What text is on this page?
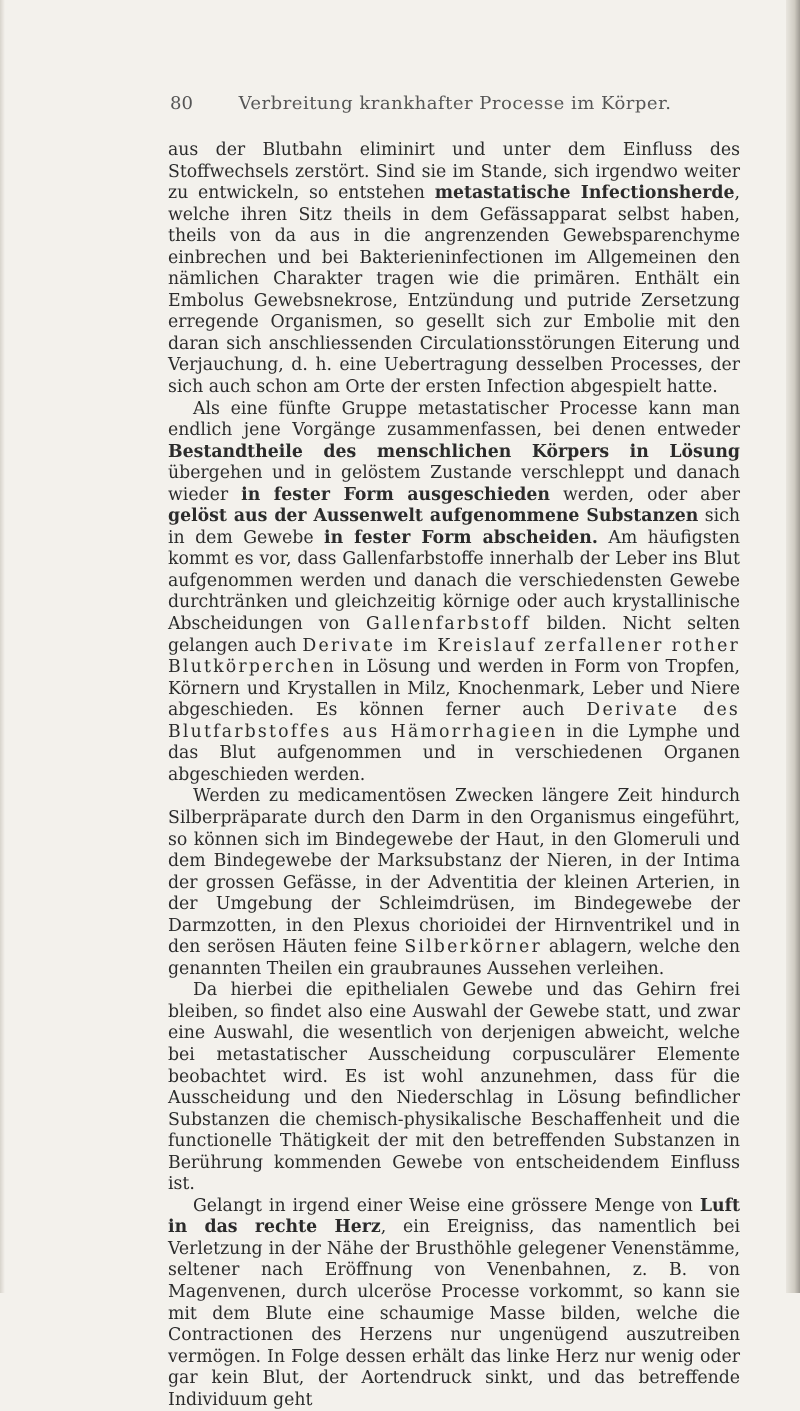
80	Verbreitung krankhafter Processe im Körper.

aus der Blutbahn eliminirt und unter dem Einfluss des Stoffwechsels zerstört. Sind sie im Stande, sich irgendwo weiter zu entwickeln, so entstehen metastatische Infectionsherde, welche ihren Sitz theils in dem Gefässapparat selbst haben, theils von da aus in die angrenzenden Gewebsparenchyme einbrechen und bei Bakterieninfectionen im Allgemeinen den nämlichen Charakter tragen wie die primären. Enthält ein Embolus Gewebsnekrose, Entzündung und putride Zersetzung erregende Organismen, so gesellt sich zur Embolie mit den daran sich anschliessenden Circulationsstörungen Eiterung und Verjauchung, d. h. eine Uebertragung desselben Processes, der sich auch schon am Orte der ersten Infection abgespielt hatte.

Als eine fünfte Gruppe metastatischer Processe kann man endlich jene Vorgänge zusammenfassen, bei denen entweder Bestandtheile des menschlichen Körpers in Lösung übergehen und in gelöstem Zustande verschleppt und danach wieder in fester Form ausgeschieden werden, oder aber gelöst aus der Aussenwelt aufgenommene Substanzen sich in dem Gewebe in fester Form abscheiden. Am häufigsten kommt es vor, dass Gallenfarbstoffe innerhalb der Leber ins Blut aufgenommen werden und danach die verschiedensten Gewebe durchtränken und gleichzeitig körnige oder auch krystallinische Abscheidungen von Gallenfarbstoff bilden. Nicht selten gelangen auch Derivate im Kreislauf zerfallener rother Blutkörperchen in Lösung und werden in Form von Tropfen, Körnern und Krystallen in Milz, Knochenmark, Leber und Niere abgeschieden. Es können ferner auch Derivate des Blutfarbstoffes aus Hämorrhagieen in die Lymphe und das Blut aufgenommen und in verschiedenen Organen abgeschieden werden.

Werden zu medicamentösen Zwecken längere Zeit hindurch Silberpräparate durch den Darm in den Organismus eingeführt, so können sich im Bindegewebe der Haut, in den Glomeruli und dem Bindegewebe der Marksubstanz der Nieren, in der Intima der grossen Gefässe, in der Adventitia der kleinen Arterien, in der Umgebung der Schleimdrüsen, im Bindegewebe der Darmzotten, in den Plexus chorioidei der Hirnventrikel und in den serösen Häuten feine Silberkörner ablagern, welche den genannten Theilen ein graubraunes Aussehen verleihen.

Da hierbei die epithelialen Gewebe und das Gehirn frei bleiben, so findet also eine Auswahl der Gewebe statt, und zwar eine Auswahl, die wesentlich von derjenigen abweicht, welche bei metastatischer Ausscheidung corpusculärer Elemente beobachtet wird. Es ist wohl anzunehmen, dass für die Ausscheidung und den Niederschlag in Lösung befindlicher Substanzen die chemisch-physikalische Beschaffenheit und die functionelle Thätigkeit der mit den betreffenden Substanzen in Berührung kommenden Gewebe von entscheidendem Einfluss ist.

Gelangt in irgend einer Weise eine grössere Menge von Luft in das rechte Herz, ein Ereigniss, das namentlich bei Verletzung in der Nähe der Brusthöhle gelegener Venenstämme, seltener nach Eröffnung von Venenbahnen, z. B. von Magenvenen, durch ulceröse Processe vorkommt, so kann sie mit dem Blute eine schaumige Masse bilden, welche die Contractionen des Herzens nur ungenügend auszutreiben vermögen. In Folge dessen erhält das linke Herz nur wenig oder gar kein Blut, der Aortendruck sinkt, und das betreffende Individuum geht
